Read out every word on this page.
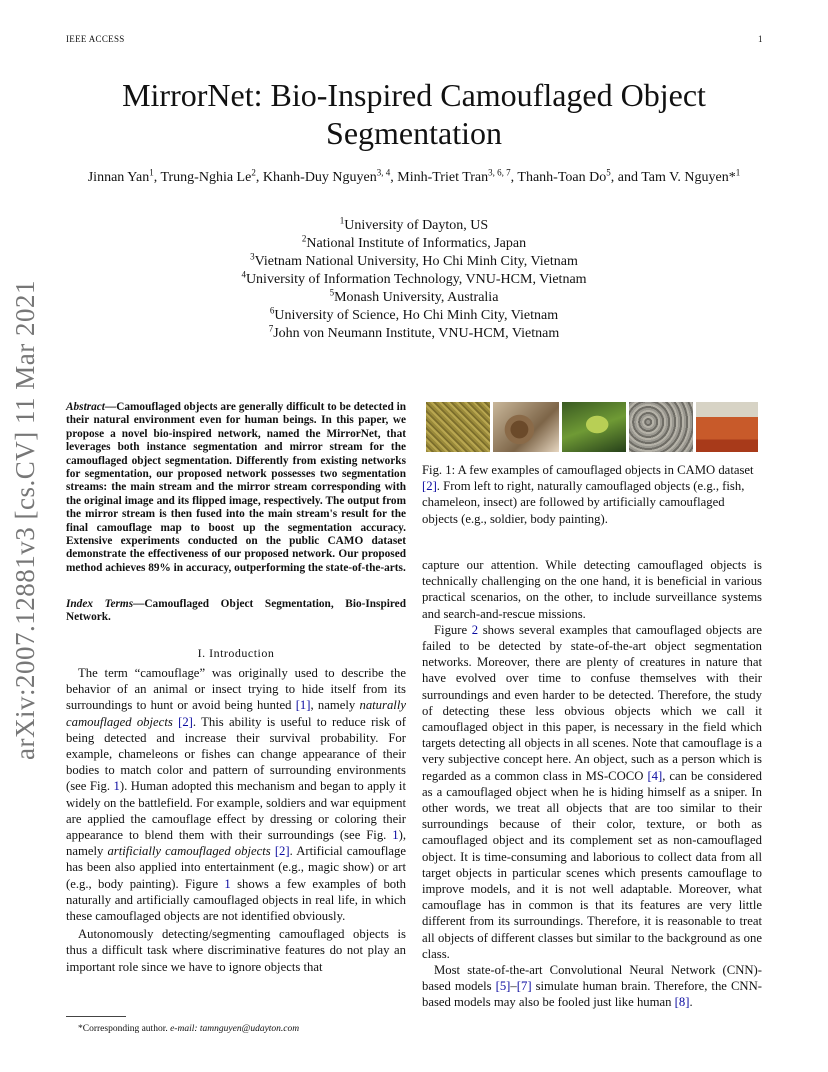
IEEE ACCESS	1
arXiv:2007.12881v3 [cs.CV] 11 Mar 2021
MirrorNet: Bio-Inspired Camouflaged Object Segmentation
Jinnan Yan$^1$, Trung-Nghia Le$^2$, Khanh-Duy Nguyen$^{3, 4}$, Minh-Triet Tran$^{3, 6, 7}$, Thanh-Toan Do$^5$, and Tam V. Nguyen*$^1$
$^1$University of Dayton, US
$^2$National Institute of Informatics, Japan
$^3$Vietnam National University, Ho Chi Minh City, Vietnam
$^4$University of Information Technology, VNU-HCM, Vietnam
$^5$Monash University, Australia
$^6$University of Science, Ho Chi Minh City, Vietnam
$^7$John von Neumann Institute, VNU-HCM, Vietnam
Abstract—Camouflaged objects are generally difficult to be detected in their natural environment even for human beings. In this paper, we propose a novel bio-inspired network, named the MirrorNet, that leverages both instance segmentation and mirror stream for the camouflaged object segmentation. Differently from existing networks for segmentation, our proposed network possesses two segmentation streams: the main stream and the mirror stream corresponding with the original image and its flipped image, respectively. The output from the mirror stream is then fused into the main stream's result for the final camouflage map to boost up the segmentation accuracy. Extensive experiments conducted on the public CAMO dataset demonstrate the effectiveness of our proposed network. Our proposed method achieves 89% in accuracy, outperforming the state-of-the-arts.
Index Terms—Camouflaged Object Segmentation, Bio-Inspired Network.
I. Introduction

The term “camouflage” was originally used to describe the behavior of an animal or insect trying to hide itself from its surroundings to hunt or avoid being hunted [1], namely naturally camouflaged objects [2]. This ability is useful to reduce risk of being detected and increase their survival probability. For example, chameleons or fishes can change appearance of their bodies to match color and pattern of surrounding environments (see Fig. 1). Human adopted this mechanism and began to apply it widely on the battlefield. For example, soldiers and war equipment are applied the camouflage effect by dressing or coloring their appearance to blend them with their surroundings (see Fig. 1), namely artificially camouflaged objects [2]. Artificial camouflage has been also applied into entertainment (e.g., magic show) or art (e.g., body painting). Figure 1 shows a few examples of both naturally and artificially camouflaged objects in real life, in which these camouflaged objects are not identified obviously.

Autonomously detecting/segmenting camouflaged objects is thus a difficult task where discriminative features do not play an important role since we have to ignore objects that

*Corresponding author. e-mail: tamnguyen@udayton.com
Fig. 1: A few examples of camouflaged objects in CAMO dataset [2]. From left to right, naturally camouflaged objects (e.g., fish, chameleon, insect) are followed by artificially camouflaged objects (e.g., soldier, body painting).

capture our attention. While detecting camouflaged objects is technically challenging on the one hand, it is beneficial in various practical scenarios, on the other, to include surveillance systems and search-and-rescue missions.

Figure 2 shows several examples that camouflaged objects are failed to be detected by state-of-the-art object segmentation networks. Moreover, there are plenty of creatures in nature that have evolved over time to confuse themselves with their surroundings and even harder to be detected. Therefore, the study of detecting these less obvious objects which we call it camouflaged object in this paper, is necessary in the field which targets detecting all objects in all scenes. Note that camouflage is a very subjective concept here. An object, such as a person which is regarded as a common class in MS-COCO [4], can be considered as a camouflaged object when he is hiding himself as a sniper. In other words, we treat all objects that are too similar to their surroundings because of their color, texture, or both as camouflaged object and its complement set as non-camouflaged object. It is time-consuming and laborious to collect data from all target objects in particular scenes which presents camouflage to improve models, and it is not well adaptable. Moreover, what camouflage has in common is that its features are very little different from its surroundings. Therefore, it is reasonable to treat all objects of different classes but similar to the background as one class.

Most state-of-the-art Convolutional Neural Network (CNN)-based models [5]–[7] simulate human brain. Therefore, the CNN-based models may also be fooled just like human [8].
